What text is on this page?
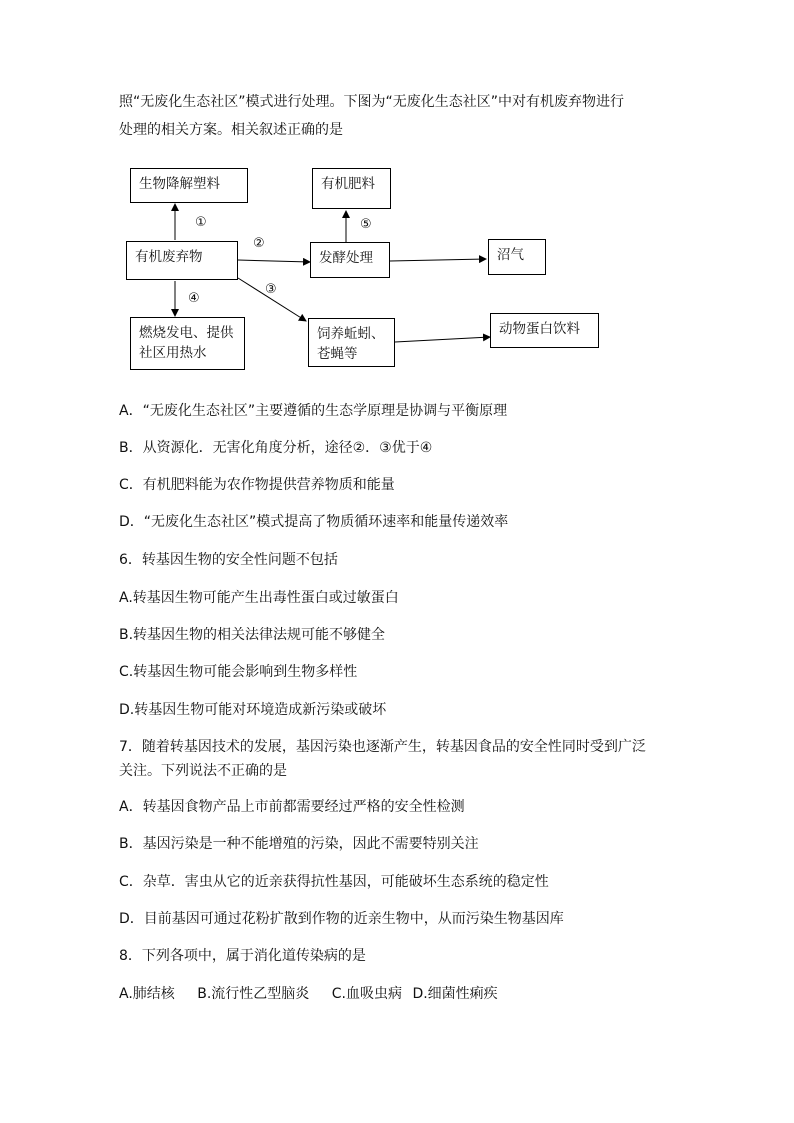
照“无废化生态社区”模式进行处理。下图为“无废化生态社区”中对有机废弃物进行
处理的相关方案。相关叙述正确的是
生物降解塑料
有机废弃物
燃烧发电、提供
社区用热水
有机肥料
发酵处理	沼气
饲养蚯蚓、
苍蝇等
动物蛋白饮料
①
②
③
④
⑤
A．“无废化生态社区”主要遵循的生态学原理是协调与平衡原理
B．从资源化．无害化角度分析，途径②．③优于④
C．有机肥料能为农作物提供营养物质和能量
D．“无废化生态社区”模式提高了物质循环速率和能量传递效率
6．转基因生物的安全性问题不包括
A.转基因生物可能产生出毒性蛋白或过敏蛋白
B.转基因生物的相关法律法规可能不够健全
C.转基因生物可能会影响到生物多样性
D.转基因生物可能对环境造成新污染或破坏
7．随着转基因技术的发展，基因污染也逐渐产生，转基因食品的安全性同时受到广泛
关注。下列说法不正确的是
A．转基因食物产品上市前都需要经过严格的安全性检测
B．基因污染是一种不能增殖的污染，因此不需要特别关注
C．杂草．害虫从它的近亲获得抗性基因，可能破坏生态系统的稳定性
D．目前基因可通过花粉扩散到作物的近亲生物中，从而污染生物基因库
8．下列各项中，属于消化道传染病的是
A.肺结核 B.流行性乙型脑炎 C.血吸虫病 D.细菌性痢疾
